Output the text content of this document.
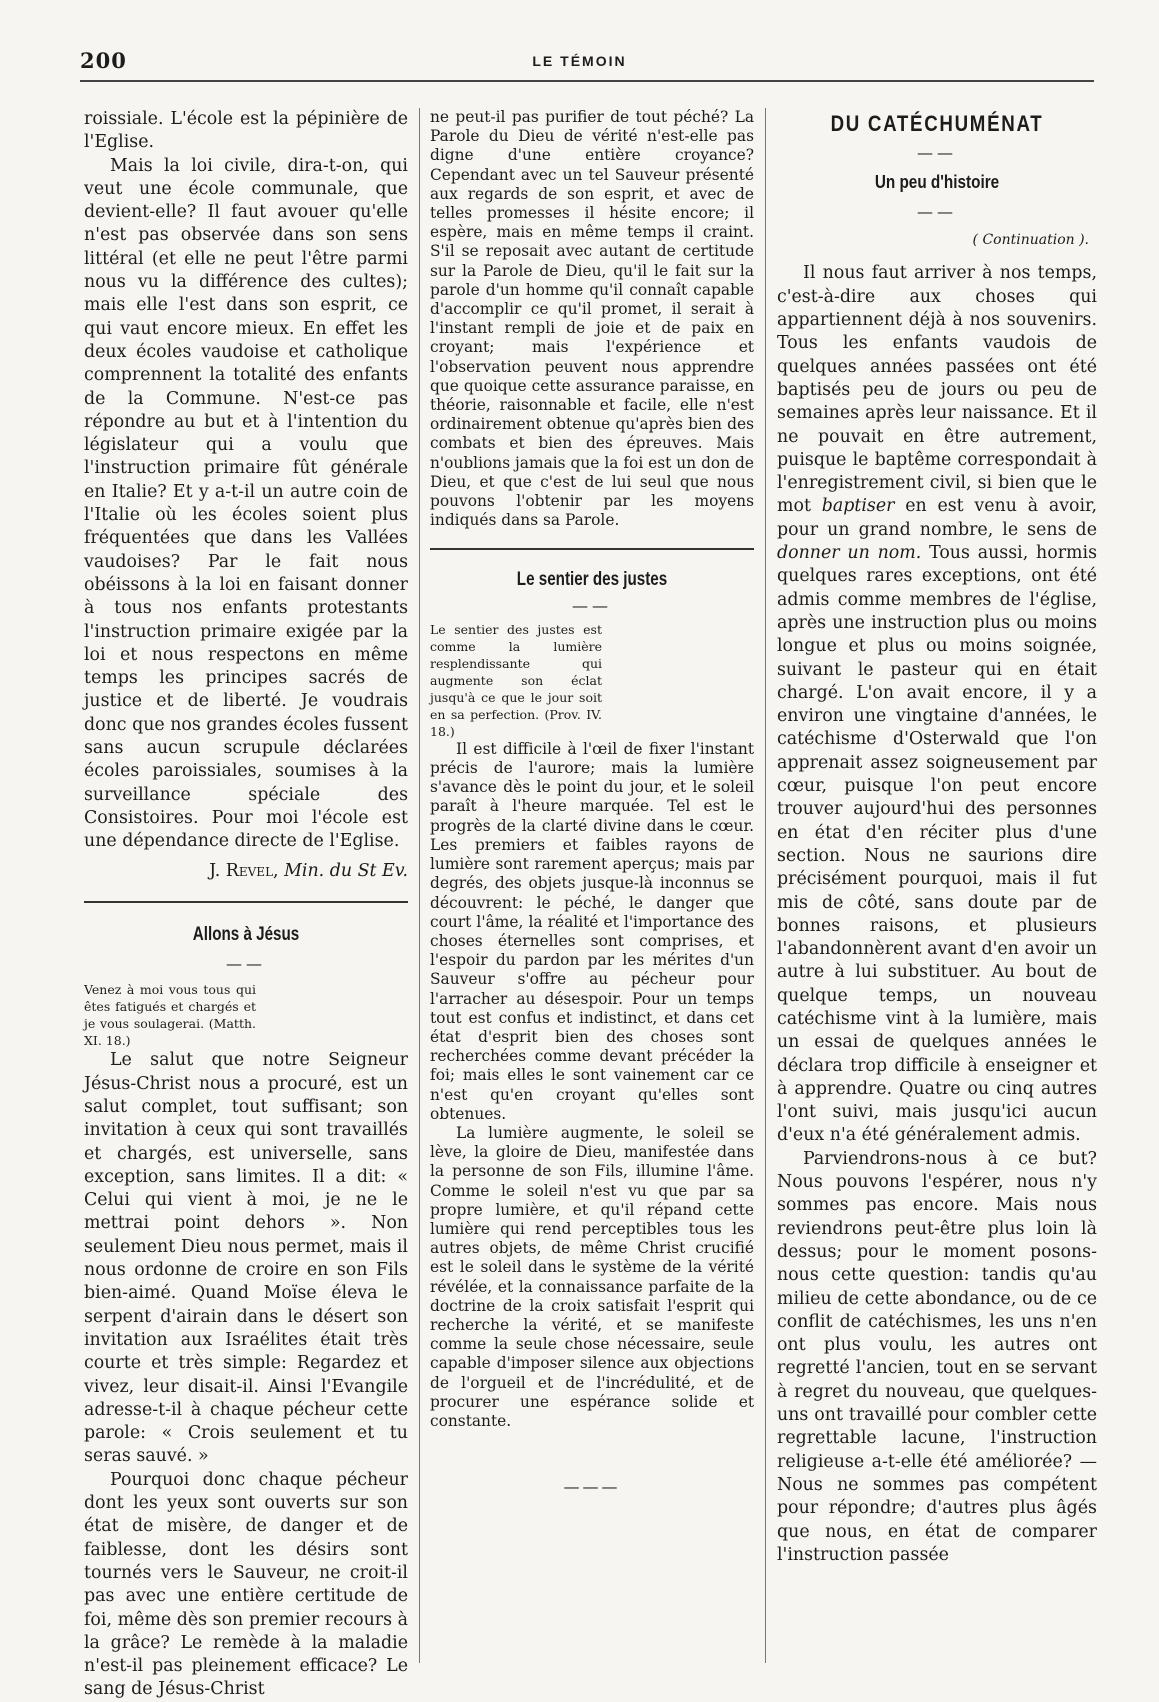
200	LE TÉMOIN

roissiale. L'école est la pépinière de l'Eglise.

Mais la loi civile, dira-t-on, qui veut une école communale, que devient-elle? Il faut avouer qu'elle n'est pas observée dans son sens littéral (et elle ne peut l'être parmi nous vu la différence des cultes); mais elle l'est dans son esprit, ce qui vaut encore mieux. En effet les deux écoles vaudoise et catholique comprennent la totalité des enfants de la Commune. N'est-ce pas répondre au but et à l'intention du législateur qui a voulu que l'instruction primaire fût générale en Italie? Et y a-t-il un autre coin de l'Italie où les écoles soient plus fréquentées que dans les Vallées vaudoises? Par le fait nous obéissons à la loi en faisant donner à tous nos enfants protestants l'instruction primaire exigée par la loi et nous respectons en même temps les principes sacrés de justice et de liberté. Je voudrais donc que nos grandes écoles fussent sans aucun scrupule déclarées écoles paroissiales, soumises à la surveillance spéciale des Consistoires. Pour moi l'école est une dépendance directe de l'Eglise.

J. Revel, Min. du St Ev.

Allons à Jésus
——

Venez à moi vous tous qui êtes fatigués et chargés et je vous soulagerai. (Matth. XI. 18.)

Le salut que notre Seigneur Jésus-Christ nous a procuré, est un salut complet, tout suffisant; son invitation à ceux qui sont travaillés et chargés, est universelle, sans exception, sans limites. Il a dit: « Celui qui vient à moi, je ne le mettrai point dehors ». Non seulement Dieu nous permet, mais il nous ordonne de croire en son Fils bien-aimé. Quand Moïse éleva le serpent d'airain dans le désert son invitation aux Israélites était très courte et très simple: Regardez et vivez, leur disait-il. Ainsi l'Evangile adresse-t-il à chaque pécheur cette parole: « Crois seulement et tu seras sauvé. »

Pourquoi donc chaque pécheur dont les yeux sont ouverts sur son état de misère, de danger et de faiblesse, dont les désirs sont tournés vers le Sauveur, ne croit-il pas avec une entière certitude de foi, même dès son premier recours à la grâce? Le remède à la maladie n'est-il pas pleinement efficace? Le sang de Jésus-Christ

ne peut-il pas purifier de tout péché? La Parole du Dieu de vérité n'est-elle pas digne d'une entière croyance? Cependant avec un tel Sauveur présenté aux regards de son esprit, et avec de telles promesses il hésite encore; il espère, mais en même temps il craint. S'il se reposait avec autant de certitude sur la Parole de Dieu, qu'il le fait sur la parole d'un homme qu'il connaît capable d'accomplir ce qu'il promet, il serait à l'instant rempli de joie et de paix en croyant; mais l'expérience et l'observation peuvent nous apprendre que quoique cette assurance paraisse, en théorie, raisonnable et facile, elle n'est ordinairement obtenue qu'après bien des combats et bien des épreuves. Mais n'oublions jamais que la foi est un don de Dieu, et que c'est de lui seul que nous pouvons l'obtenir par les moyens indiqués dans sa Parole.

Le sentier des justes
——

Le sentier des justes est comme la lumière resplendissante qui augmente son éclat jusqu'à ce que le jour soit en sa perfection. (Prov. IV. 18.)

Il est difficile à l'œil de fixer l'instant précis de l'aurore; mais la lumière s'avance dès le point du jour, et le soleil paraît à l'heure marquée. Tel est le progrès de la clarté divine dans le cœur. Les premiers et faibles rayons de lumière sont rarement aperçus; mais par degrés, des objets jusque-là inconnus se découvrent: le péché, le danger que court l'âme, la réalité et l'importance des choses éternelles sont comprises, et l'espoir du pardon par les mérites d'un Sauveur s'offre au pécheur pour l'arracher au désespoir. Pour un temps tout est confus et indistinct, et dans cet état d'esprit bien des choses sont recherchées comme devant précéder la foi; mais elles le sont vainement car ce n'est qu'en croyant qu'elles sont obtenues.

La lumière augmente, le soleil se lève, la gloire de Dieu, manifestée dans la personne de son Fils, illumine l'âme. Comme le soleil n'est vu que par sa propre lumière, et qu'il répand cette lumière qui rend perceptibles tous les autres objets, de même Christ crucifié est le soleil dans le système de la vérité révélée, et la connaissance parfaite de la doctrine de la croix satisfait l'esprit qui recherche la vérité, et se manifeste comme la seule chose nécessaire, seule capable d'imposer silence aux objections de l'orgueil et de l'incrédulité, et de procurer une espérance solide et constante.

———
DU CATÉCHUMÉNAT
——
Un peu d'histoire
——

( Continuation ).

Il nous faut arriver à nos temps, c'est-à-dire aux choses qui appartiennent déjà à nos souvenirs. Tous les enfants vaudois de quelques années passées ont été baptisés peu de jours ou peu de semaines après leur naissance. Et il ne pouvait en être autrement, puisque le baptême correspondait à l'enregistrement civil, si bien que le mot baptiser en est venu à avoir, pour un grand nombre, le sens de donner un nom. Tous aussi, hormis quelques rares exceptions, ont été admis comme membres de l'église, après une instruction plus ou moins longue et plus ou moins soignée, suivant le pasteur qui en était chargé. L'on avait encore, il y a environ une vingtaine d'années, le catéchisme d'Osterwald que l'on apprenait assez soigneusement par cœur, puisque l'on peut encore trouver aujourd'hui des personnes en état d'en réciter plus d'une section. Nous ne saurions dire précisément pourquoi, mais il fut mis de côté, sans doute par de bonnes raisons, et plusieurs l'abandonnèrent avant d'en avoir un autre à lui substituer. Au bout de quelque temps, un nouveau catéchisme vint à la lumière, mais un essai de quelques années le déclara trop difficile à enseigner et à apprendre. Quatre ou cinq autres l'ont suivi, mais jusqu'ici aucun d'eux n'a été généralement admis.

Parviendrons-nous à ce but? Nous pouvons l'espérer, nous n'y sommes pas encore. Mais nous reviendrons peut-être plus loin là dessus; pour le moment posons-nous cette question: tandis qu'au milieu de cette abondance, ou de ce conflit de catéchismes, les uns n'en ont plus voulu, les autres ont regretté l'ancien, tout en se servant à regret du nouveau, que quelques-uns ont travaillé pour combler cette regrettable lacune, l'instruction religieuse a-t-elle été améliorée? — Nous ne sommes pas compétent pour répondre; d'autres plus âgés que nous, en état de comparer l'instruction passée
